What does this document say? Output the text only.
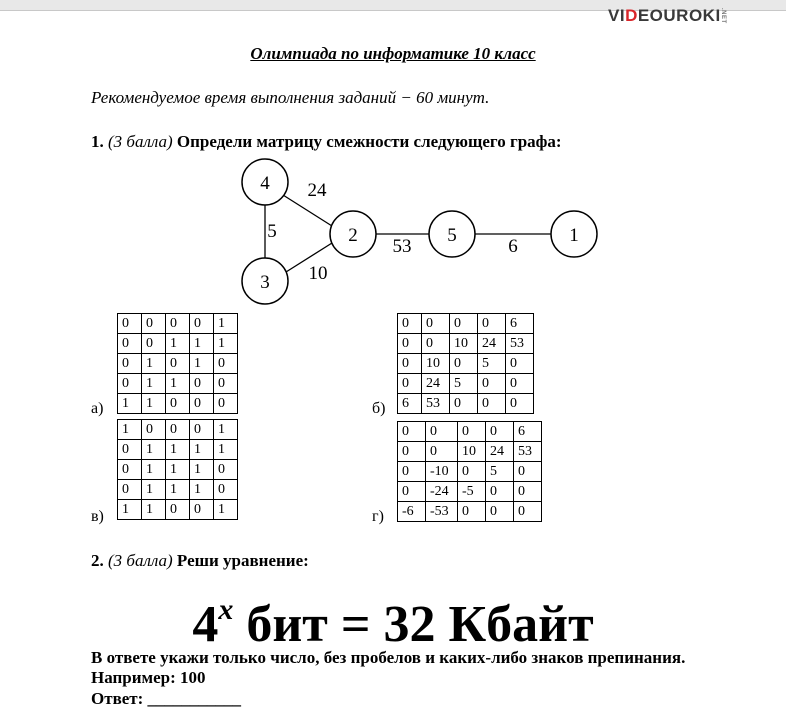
VIDEOUROKI .NET
Олимпиада по информатике 10 класс
Рекомендуемое время выполнения заданий − 60 минут.
1. (3 балла) Определи матрицу смежности следующего графа:
4
2
3
5	1
24
5
10
53	6
а)
0	0	0	0	1
0	0	1	1	1
0	1	0	1	0
0	1	1	0	0
1	1	0	0	0	б)
0	0	0	0	6
0	0	10	24	53
0	10	0	5	0
0	24	5	0	0
6	53	0	0	0
в)
1	0	0	0	1
0	1	1	1	1
0	1	1	1	0
0	1	1	1	0
1	1	0	0	1	г)
0	0	0	0	6
0	0	10	24	53
0	-10	0	5	0
0	-24	-5	0	0
-6	-53	0	0	0
2. (3 балла) Реши уравнение:
4$^x$ бит = 32 Кбайт
В ответе укажи только число, без пробелов и каких-либо знаков препинания.
Например: 100
Ответ: ___________
